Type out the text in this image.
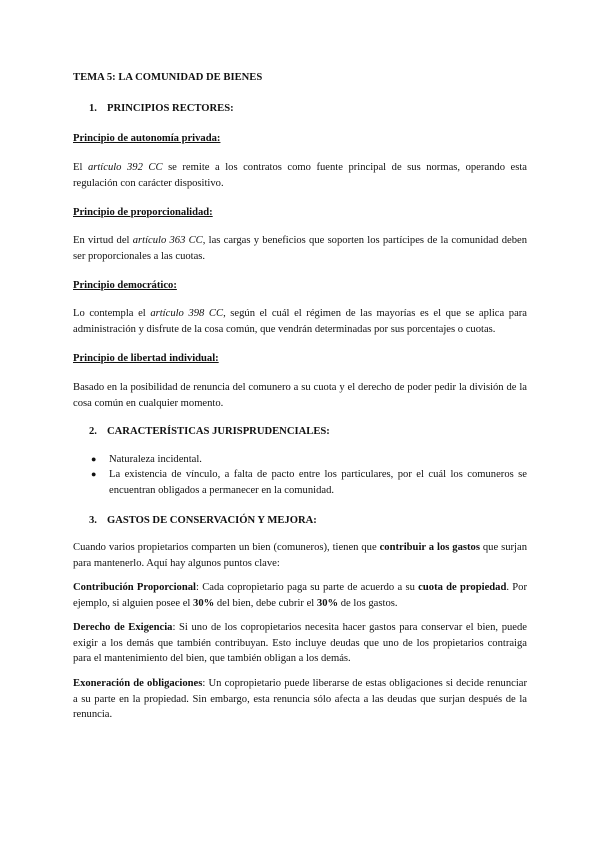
TEMA 5: LA COMUNIDAD DE BIENES
1. PRINCIPIOS RECTORES:
Principio de autonomía privada:
El artículo 392 CC se remite a los contratos como fuente principal de sus normas, operando esta regulación con carácter dispositivo.
Principio de proporcionalidad:
En virtud del artículo 363 CC, las cargas y beneficios que soporten los partícipes de la comunidad deben ser proporcionales a las cuotas.
Principio democrático:
Lo contempla el artículo 398 CC, según el cuál el régimen de las mayorías es el que se aplica para administración y disfrute de la cosa común, que vendrán determinadas por sus porcentajes o cuotas.
Principio de libertad individual:
Basado en la posibilidad de renuncia del comunero a su cuota y el derecho de poder pedir la división de la cosa común en cualquier momento.
2. CARACTERÍSTICAS JURISPRUDENCIALES:
● Naturaleza incidental.
● La existencia de vínculo, a falta de pacto entre los particulares, por el cuál los comuneros se encuentran obligados a permanecer en la comunidad.
3. GASTOS DE CONSERVACIÓN Y MEJORA:
Cuando varios propietarios comparten un bien (comuneros), tienen que contribuir a los gastos que surjan para mantenerlo. Aquí hay algunos puntos clave:
Contribución Proporcional: Cada copropietario paga su parte de acuerdo a su cuota de propiedad. Por ejemplo, si alguien posee el 30% del bien, debe cubrir el 30% de los gastos.
Derecho de Exigencia: Si uno de los copropietarios necesita hacer gastos para conservar el bien, puede exigir a los demás que también contribuyan. Esto incluye deudas que uno de los propietarios contraiga para el mantenimiento del bien, que también obligan a los demás.
Exoneración de obligaciones: Un copropietario puede liberarse de estas obligaciones si decide renunciar a su parte en la propiedad. Sin embargo, esta renuncia sólo afecta a las deudas que surjan después de la renuncia.
